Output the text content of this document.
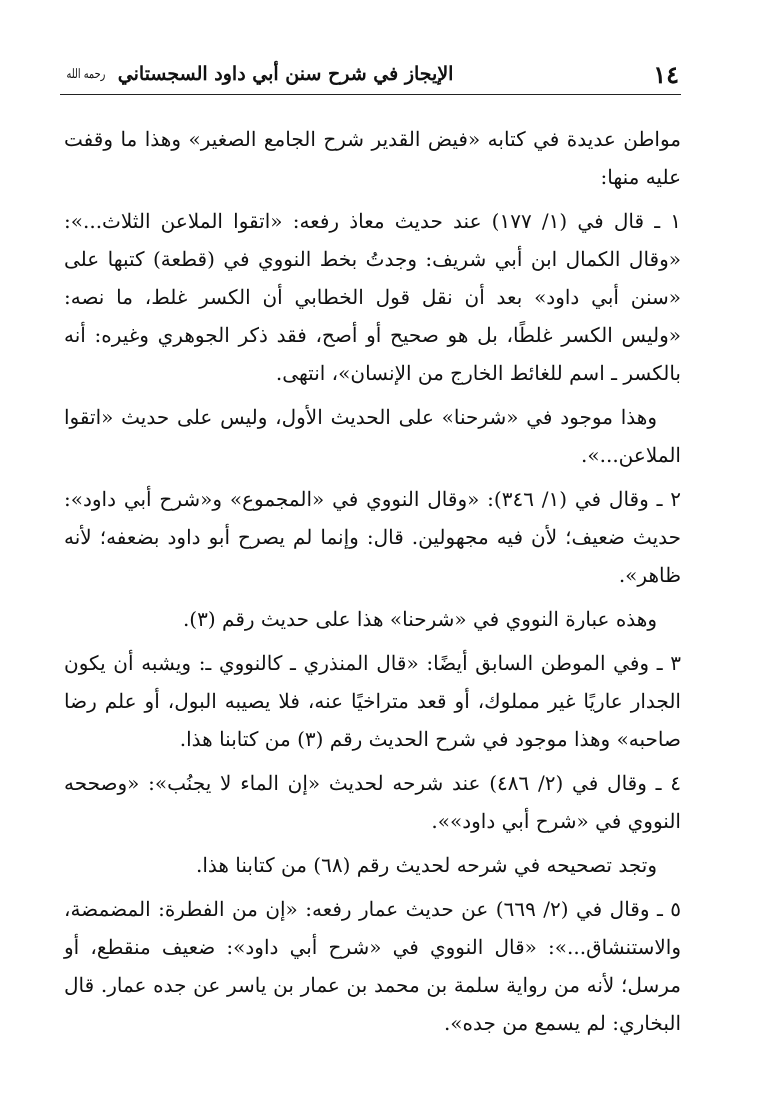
١٤
الإيجاز في شرح سنن أبي داود السجستاني
رحمه الله

مواطن عديدة في كتابه «فيض القدير شرح الجامع الصغير» وهذا ما وقفت عليه منها:

١ ـ قال في (١/ ١٧٧) عند حديث معاذ رفعه: «اتقوا الملاعن الثلاث...»: «وقال الكمال ابن أبي شريف: وجدتُ بخط النووي في (قطعة) كتبها على «سنن أبي داود» بعد أن نقل قول الخطابي أن الكسر غلط، ما نصه: «وليس الكسر غلطًا، بل هو صحيح أو أصح، فقد ذكر الجوهري وغيره: أنه بالكسر ـ اسم للغائط الخارج من الإنسان»، انتهى.

وهذا موجود في «شرحنا» على الحديث الأول، وليس على حديث «اتقوا الملاعن...».

٢ ـ وقال في (١/ ٣٤٦): «وقال النووي في «المجموع» و«شرح أبي داود»: حديث ضعيف؛ لأن فيه مجهولين. قال: وإنما لم يصرح أبو داود بضعفه؛ لأنه ظاهر».

وهذه عبارة النووي في «شرحنا» هذا على حديث رقم (٣).

٣ ـ وفي الموطن السابق أيضًا: «قال المنذري ـ كالنووي ـ: ويشبه أن يكون الجدار عاريًا غير مملوك، أو قعد متراخيًا عنه، فلا يصيبه البول، أو علم رضا صاحبه» وهذا موجود في شرح الحديث رقم (٣) من كتابنا هذا.

٤ ـ وقال في (٢/ ٤٨٦) عند شرحه لحديث «إن الماء لا يجنُب»: «وصححه النووي في «شرح أبي داود»».

وتجد تصحيحه في شرحه لحديث رقم (٦٨) من كتابنا هذا.

٥ ـ وقال في (٢/ ٦٦٩) عن حديث عمار رفعه: «إن من الفطرة: المضمضة، والاستنشاق...»: «قال النووي في «شرح أبي داود»: ضعيف منقطع، أو مرسل؛ لأنه من رواية سلمة بن محمد بن عمار بن ياسر عن جده عمار. قال البخاري: لم يسمع من جده».
